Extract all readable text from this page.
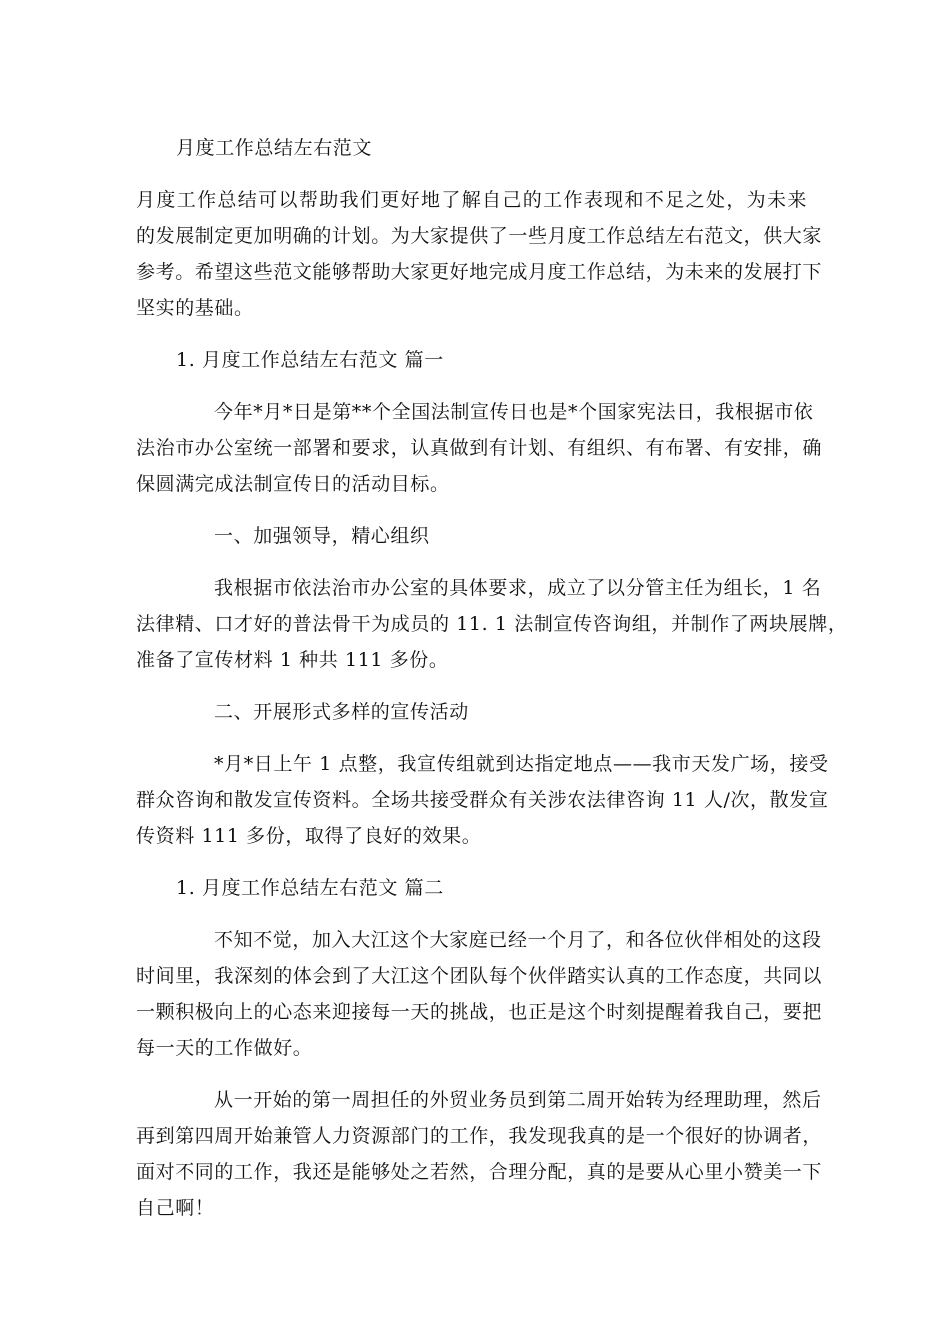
月度工作总结左右范文
月度工作总结可以帮助我们更好地了解自己的工作表现和不足之处，为未来
的发展制定更加明确的计划。为大家提供了一些月度工作总结左右范文，供大家
参考。希望这些范文能够帮助大家更好地完成月度工作总结，为未来的发展打下
坚实的基础。
1. 月度工作总结左右范文 篇一
今年*月*日是第**个全国法制宣传日也是*个国家宪法日，我根据市依
法治市办公室统一部署和要求，认真做到有计划、有组织、有布署、有安排，确
保圆满完成法制宣传日的活动目标。
一、加强领导，精心组织
我根据市依法治市办公室的具体要求，成立了以分管主任为组长，1 名
法律精、口才好的普法骨干为成员的 11. 1 法制宣传咨询组，并制作了两块展牌，
准备了宣传材料 1 种共 111 多份。
二、开展形式多样的宣传活动
*月*日上午 1 点整，我宣传组就到达指定地点——我市天发广场，接受
群众咨询和散发宣传资料。全场共接受群众有关涉农法律咨询 11 人/次，散发宣
传资料 111 多份，取得了良好的效果。
1. 月度工作总结左右范文 篇二
不知不觉，加入大江这个大家庭已经一个月了，和各位伙伴相处的这段
时间里，我深刻的体会到了大江这个团队每个伙伴踏实认真的工作态度，共同以
一颗积极向上的心态来迎接每一天的挑战，也正是这个时刻提醒着我自己，要把
每一天的工作做好。
从一开始的第一周担任的外贸业务员到第二周开始转为经理助理，然后
再到第四周开始兼管人力资源部门的工作，我发现我真的是一个很好的协调者，
面对不同的工作，我还是能够处之若然，合理分配，真的是要从心里小赞美一下
自己啊！
